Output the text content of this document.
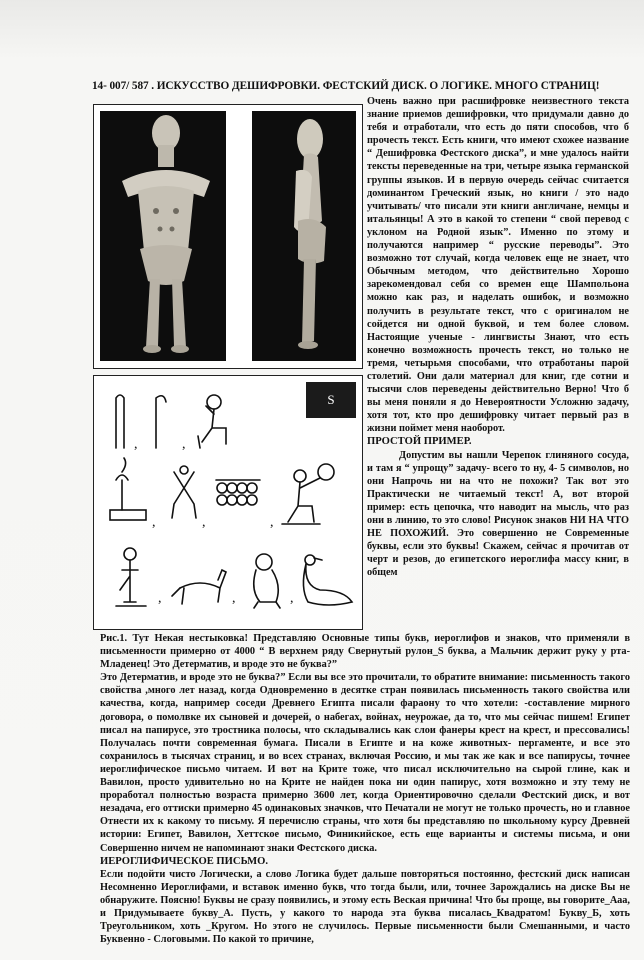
14- 007/ 587 . ИСКУССТВО ДЕШИФРОВКИ. ФЕСТСКИЙ ДИСК. О ЛОГИКЕ. МНОГО СТРАНИЦ!
S
,	,
,	,	,
,	,	,

Очень важно при расшифровке неизвестного текста знание приемов дешифровки, что придумали давно до тебя и отработали, что есть до пяти способов, что б прочесть текст. Есть книги, что имеют схожее название “ Дешифровка Фестского диска”, и мне удалось найти тексты переведенные на три, четыре языка германской группы языков. И в первую очередь сейчас считается доминантом Греческий язык, но книги / это надо учитывать/ что писали эти книги англичане, немцы и итальянцы! А это в какой то степени “ свой перевод с уклоном на Родной язык”. Именно по этому и получаются например “ русские переводы”. Это возможно тот случай, когда человек еще не знает, что Обычным методом, что действительно Хорошо зарекомендовал себя со времен еще Шампольона можно как раз, и наделать ошибок, и возможно получить в результате текст, что с оригиналом не сойдется ни одной буквой, и тем более словом. Настоящие ученые - лингвисты Знают, что есть конечно возможность прочесть текст, но только не тремя, четырьмя способами, что отработаны парой столетий. Они дали материал для книг, где сотни и тысячи слов переведены действительно Верно! Что б вы меня поняли я до Невероятности Усложню задачу, хотя тот, кто про дешифровку читает первый раз в жизни поймет меня наоборот.

ПРОСТОЙ ПРИМЕР.

Допустим вы нашли Черепок глиняного сосуда, и там я “ упрощу” задачу- всего то ну, 4- 5 символов, но они Напрочь ни на что не похожи? Так вот это Практически не читаемый текст! А, вот второй пример: есть цепочка, что наводит на мысль, что раз они в линию, то это слово! Рисунок знаков НИ НА ЧТО НЕ ПОХОЖИЙ. Это совершенно не Современные буквы, если это буквы! Скажем, сейчас я прочитав от черт и резов, до египетского иероглифа массу книг, в общем

Рис.1. Тут Некая нестыковка! Представляю Основные типы букв, иероглифов и знаков, что применяли в письменности примерно от 4000 “ В верхнем ряду Свернутый рулон_S буква, а Мальчик держит руку у рта- Младенец! Это Детерматив, и вроде это не буква?”

Это Детерматив, и вроде это не буква?” Если вы все это прочитали, то обратите внимание: письменность такого свойства ,много лет назад, когда Одновременно в десятке стран появилась письменность такого свойства или качества, когда, например соседи Древнего Египта писали фараону то что хотели: -составление мирного договора, о помолвке их сыновей и дочерей, о набегах, войнах, неурожае, да то, что мы сейчас пишем! Египет писал на папирусе, это тростника полосы, что складывались как слои фанеры крест на крест, и прессовались! Получалась почти современная бумага. Писали в Египте и на коже животных- пергаменте, и все это сохранилось в тысячах страниц, и во всех странах, включая Россию, и мы так же как и все папирусы, точнее иероглифическое письмо читаем. И вот на Крите тоже, что писал исключительно на сырой глине, как и Вавилон, просто удивительно но на Крите не найден пока ни один папирус, хотя возможно и эту тему не проработал полностью возраста примерно 3600 лет, когда Ориентировочно сделали Фестский диск, и вот незадача, его оттиски примерно 45 одинаковых значков, что Печатали не могут не только прочесть, но и главное Отнести их к какому то письму. Я перечислю страны, что хотя бы представляю по школьному курсу Древней истории: Египет, Вавилон, Хеттское письмо, Финикийское, есть еще варианты и системы письма, и они Совершенно ничем не напоминают знаки Фестского диска.

ИЕРОГЛИФИЧЕСКОЕ ПИСЬМО.

Если подойти чисто Логически, а слово Логика будет дальше повторяться постоянно, фестский диск написан Несомненно Иероглифами, и вставок именно букв, что тогда были, или, точнее Зарождались на диске Вы не обнаружите. Поясню! Буквы не сразу появились, и этому есть Веская причина! Что бы проще, вы говорите_Ааа, и Придумываете букву_А. Пусть, у какого то народа эта буква писалась_Квадратом! Букву_Б, хоть Треугольником, хоть _Кругом. Но этого не случилось. Первые письменности были Смешанными, и часто Буквенно - Слоговыми. По какой то причине,
